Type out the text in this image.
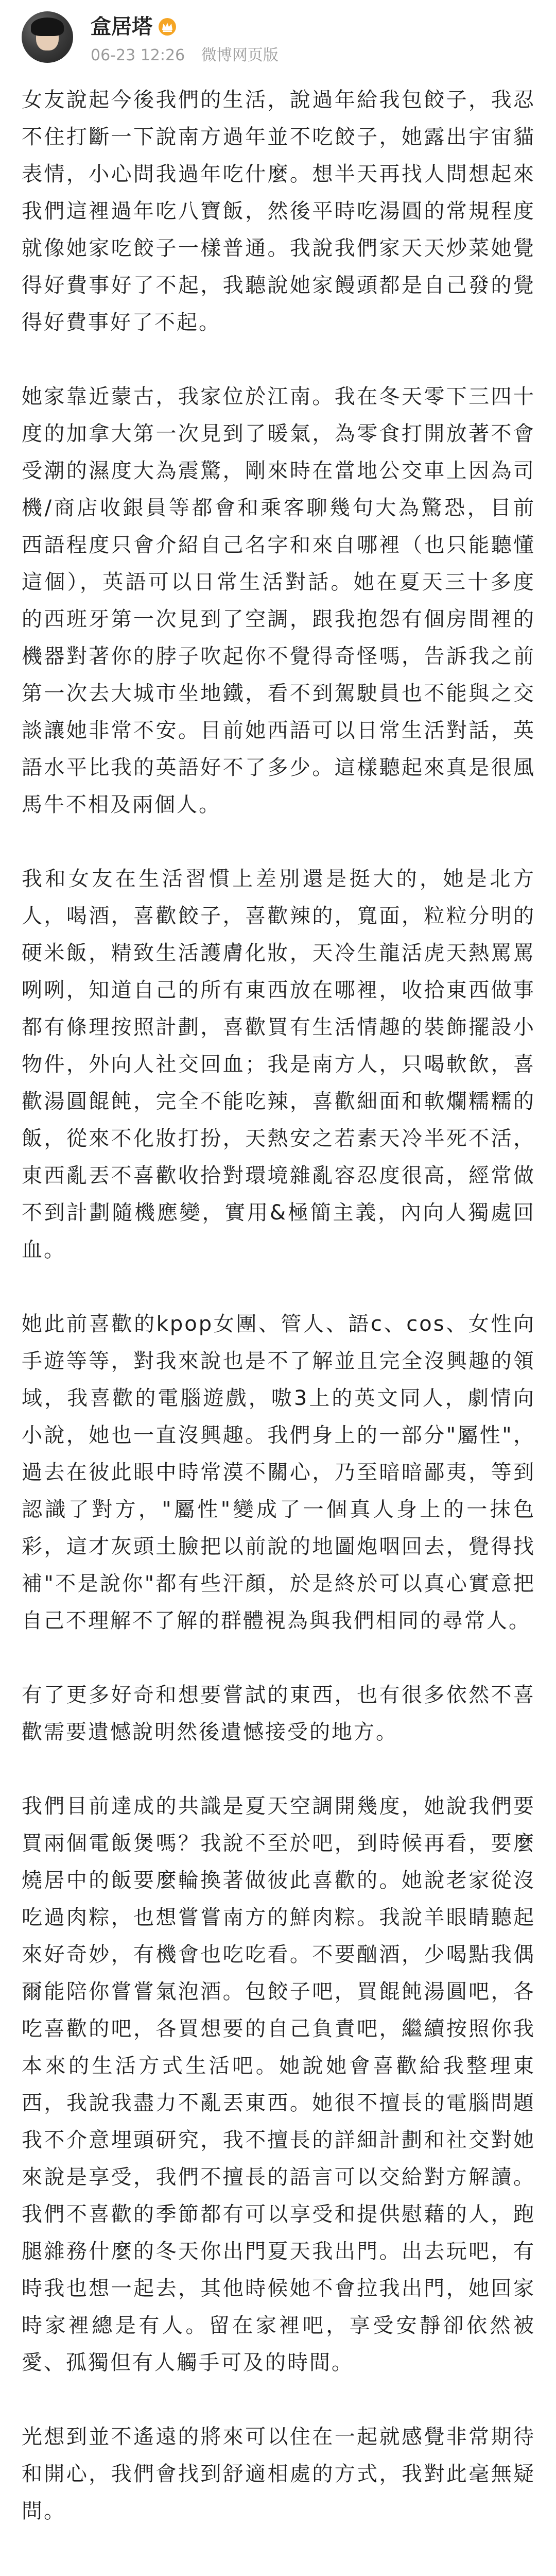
盒居塔
06-23 12:26 微博网页版

女友說起今後我們的生活，說過年給我包餃子，我忍不住打斷一下說南方過年並不吃餃子，她露出宇宙貓表情，小心問我過年吃什麼。想半天再找人問想起來我們這裡過年吃八寶飯，然後平時吃湯圓的常規程度就像她家吃餃子一樣普通。我說我們家天天炒菜她覺得好費事好了不起，我聽說她家饅頭都是自己發的覺得好費事好了不起。

她家靠近蒙古，我家位於江南。我在冬天零下三四十度的加拿大第一次見到了暖氣，為零食打開放著不會受潮的濕度大為震驚，剛來時在當地公交車上因為司機/商店收銀員等都會和乘客聊幾句大為驚恐，目前西語程度只會介紹自己名字和來自哪裡（也只能聽懂這個），英語可以日常生活對話。她在夏天三十多度的西班牙第一次見到了空調，跟我抱怨有個房間裡的機器對著你的脖子吹起你不覺得奇怪嗎，告訴我之前第一次去大城市坐地鐵，看不到駕駛員也不能與之交談讓她非常不安。目前她西語可以日常生活對話，英語水平比我的英語好不了多少。這樣聽起來真是很風馬牛不相及兩個人。

我和女友在生活習慣上差別還是挺大的，她是北方人，喝酒，喜歡餃子，喜歡辣的，寬面，粒粒分明的硬米飯，精致生活護膚化妝，天冷生龍活虎天熱罵罵咧咧，知道自己的所有東西放在哪裡，收拾東西做事都有條理按照計劃，喜歡買有生活情趣的裝飾擺設小物件，外向人社交回血；我是南方人，只喝軟飲，喜歡湯圓餛飩，完全不能吃辣，喜歡細面和軟爛糯糯的飯，從來不化妝打扮，天熱安之若素天冷半死不活，東西亂丟不喜歡收拾對環境雜亂容忍度很高，經常做不到計劃隨機應變，實用&極簡主義，內向人獨處回血。

她此前喜歡的kpop女團、管人、語c、cos、女性向手遊等等，對我來說也是不了解並且完全沒興趣的領域，我喜歡的電腦遊戲，嗷3上的英文同人，劇情向小說，她也一直沒興趣。我們身上的一部分"屬性"，過去在彼此眼中時常漠不關心，乃至暗暗鄙夷，等到認識了對方，"屬性"變成了一個真人身上的一抹色彩，這才灰頭土臉把以前說的地圖炮咽回去，覺得找補"不是說你"都有些汗顏，於是終於可以真心實意把自己不理解不了解的群體視為與我們相同的尋常人。

有了更多好奇和想要嘗試的東西，也有很多依然不喜歡需要遺憾說明然後遺憾接受的地方。

我們目前達成的共識是夏天空調開幾度，她說我們要買兩個電飯煲嗎？我說不至於吧，到時候再看，要麼燒居中的飯要麼輪換著做彼此喜歡的。她說老家從沒吃過肉粽，也想嘗嘗南方的鮮肉粽。我說羊眼睛聽起來好奇妙，有機會也吃吃看。不要酗酒，少喝點我偶爾能陪你嘗嘗氣泡酒。包餃子吧，買餛飩湯圓吧，各吃喜歡的吧，各買想要的自己負責吧，繼續按照你我本來的生活方式生活吧。她說她會喜歡給我整理東西，我說我盡力不亂丟東西。她很不擅長的電腦問題我不介意埋頭研究，我不擅長的詳細計劃和社交對她來說是享受，我們不擅長的語言可以交給對方解讀。我們不喜歡的季節都有可以享受和提供慰藉的人，跑腿雜務什麼的冬天你出門夏天我出門。出去玩吧，有時我也想一起去，其他時候她不會拉我出門，她回家時家裡總是有人。留在家裡吧，享受安靜卻依然被愛、孤獨但有人觸手可及的時間。

光想到並不遙遠的將來可以住在一起就感覺非常期待和開心，我們會找到舒適相處的方式，我對此毫無疑問。
